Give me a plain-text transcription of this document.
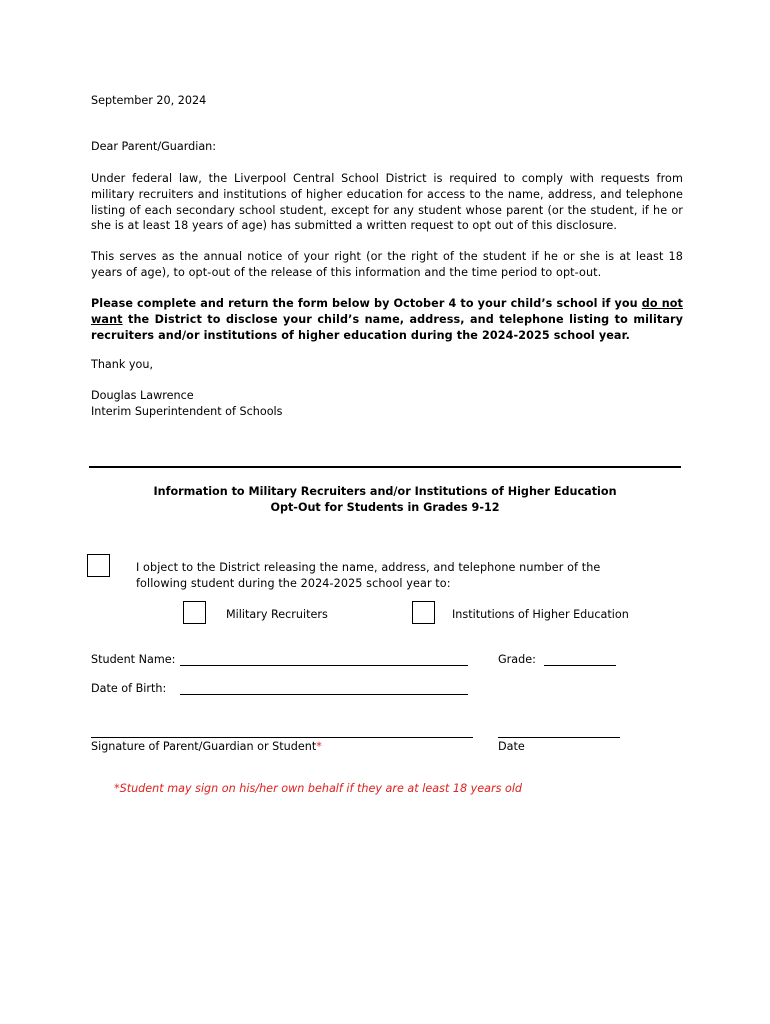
September 20, 2024
Dear Parent/Guardian:
Under federal law, the Liverpool Central School District is required to comply with requests from military recruiters and institutions of higher education for access to the name, address, and telephone listing of each secondary school student, except for any student whose parent (or the student, if he or she is at least 18 years of age) has submitted a written request to opt out of this disclosure.
This serves as the annual notice of your right (or the right of the student if he or she is at least 18 years of age), to opt-out of the release of this information and the time period to opt-out.
Please complete and return the form below by October 4 to your child’s school if you do not want the District to disclose your child’s name, address, and telephone listing to military recruiters and/or institutions of higher education during the 2024-2025 school year.
Thank you,
Douglas Lawrence
Interim Superintendent of Schools
Information to Military Recruiters and/or Institutions of Higher Education
Opt-Out for Students in Grades 9-12
I object to the District releasing the name, address, and telephone number of the following student during the 2024-2025 school year to:
Military Recruiters	Institutions of Higher Education
Student Name:	Grade:
Date of Birth:
Signature of Parent/Guardian or Student*	Date
*Student may sign on his/her own behalf if they are at least 18 years old
